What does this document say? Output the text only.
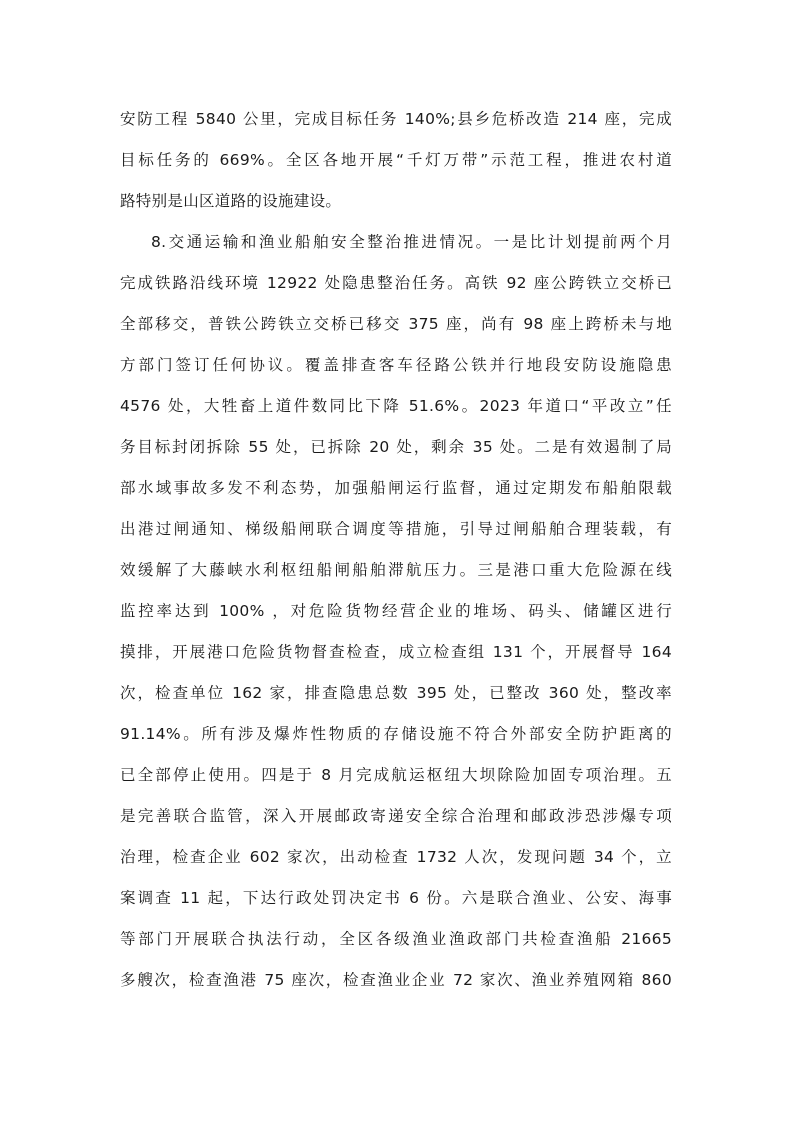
安防工程 5840 公里，完成目标任务 140%;县乡危桥改造 214 座，完成
目标任务的 669%。全区各地开展“千灯万带”示范工程，推进农村道
路特别是山区道路的设施建设。
8.交通运输和渔业船舶安全整治推进情况。一是比计划提前两个月
完成铁路沿线环境 12922 处隐患整治任务。高铁 92 座公跨铁立交桥已
全部移交，普铁公跨铁立交桥已移交 375 座，尚有 98 座上跨桥未与地
方部门签订任何协议。覆盖排查客车径路公铁并行地段安防设施隐患
4576 处，大牲畜上道件数同比下降 51.6%。2023 年道口“平改立”任
务目标封闭拆除 55 处，已拆除 20 处，剩余 35 处。二是有效遏制了局
部水域事故多发不利态势，加强船闸运行监督，通过定期发布船舶限载
出港过闸通知、梯级船闸联合调度等措施，引导过闸船舶合理装载，有
效缓解了大藤峡水利枢纽船闸船舶滞航压力。三是港口重大危险源在线
监控率达到 100% ，对危险货物经营企业的堆场、码头、储罐区进行
摸排，开展港口危险货物督查检查，成立检查组 131 个，开展督导 164
次，检查单位 162 家，排查隐患总数 395 处，已整改 360 处，整改率
91.14%。所有涉及爆炸性物质的存储设施不符合外部安全防护距离的
已全部停止使用。四是于 8 月完成航运枢纽大坝除险加固专项治理。五
是完善联合监管，深入开展邮政寄递安全综合治理和邮政涉恐涉爆专项
治理，检查企业 602 家次，出动检查 1732 人次，发现问题 34 个，立
案调查 11 起，下达行政处罚决定书 6 份。六是联合渔业、公安、海事
等部门开展联合执法行动，全区各级渔业渔政部门共检查渔船 21665
多艘次，检查渔港 75 座次，检查渔业企业 72 家次、渔业养殖网箱 860
